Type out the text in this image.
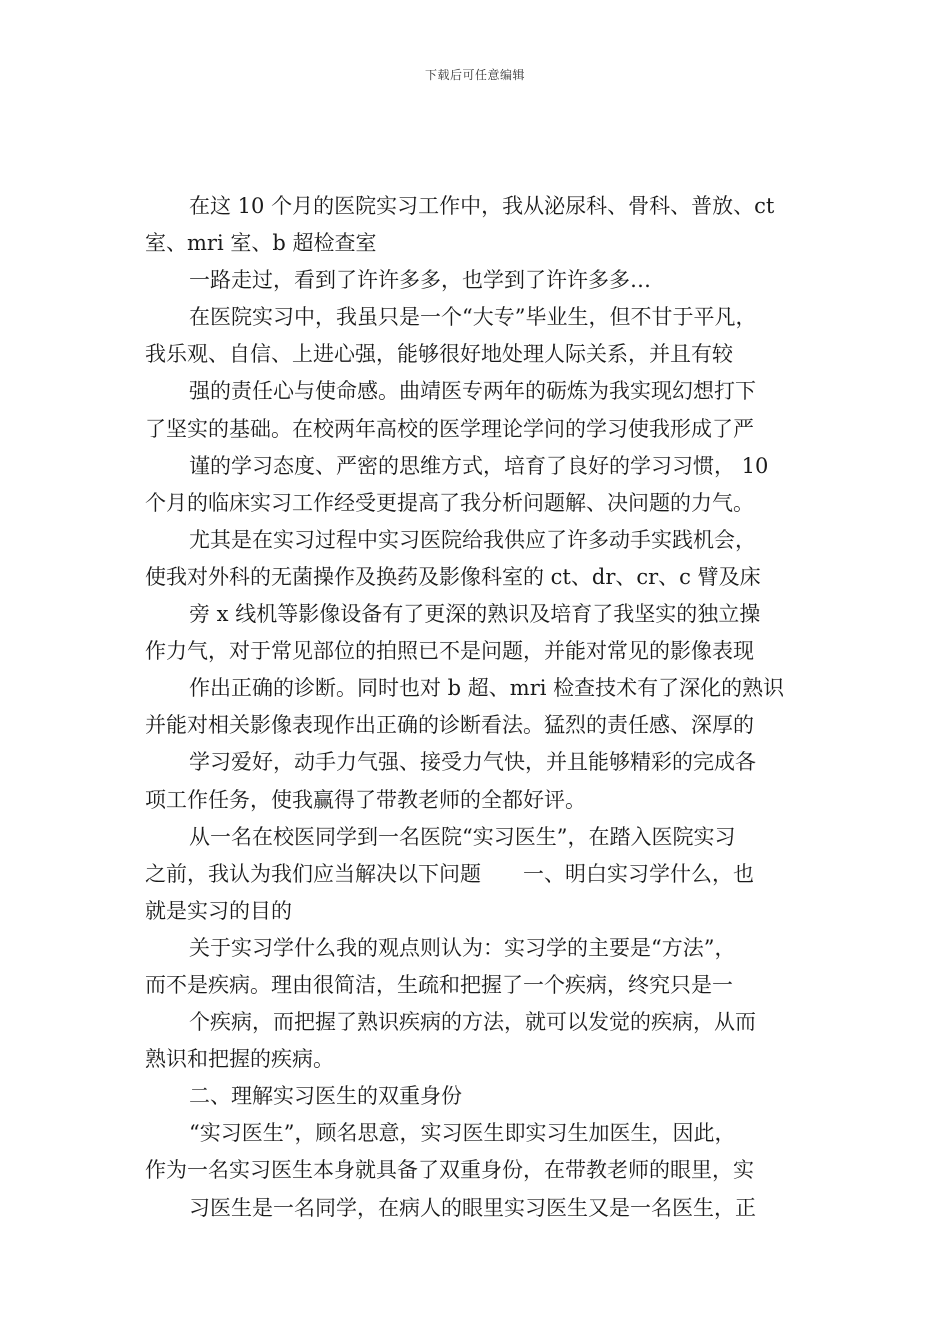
下载后可任意编辑
在这 10 个月的医院实习工作中，我从泌尿科、骨科、普放、ct
室、mri 室、b 超检查室
一路走过，看到了许许多多，也学到了许许多多…
在医院实习中，我虽只是一个“大专”毕业生，但不甘于平凡，
我乐观、自信、上进心强，能够很好地处理人际关系，并且有较
强的责任心与使命感。曲靖医专两年的砺炼为我实现幻想打下
了坚实的基础。在校两年高校的医学理论学问的学习使我形成了严
谨的学习态度、严密的思维方式，培育了良好的学习习惯， 10
个月的临床实习工作经受更提高了我分析问题解、决问题的力气。
尤其是在实习过程中实习医院给我供应了许多动手实践机会，
使我对外科的无菌操作及换药及影像科室的 ct、dr、cr、c 臂及床
旁 x 线机等影像设备有了更深的熟识及培育了我坚实的独立操
作力气，对于常见部位的拍照已不是问题，并能对常见的影像表现
作出正确的诊断。同时也对 b 超、mri 检查技术有了深化的熟识
并能对相关影像表现作出正确的诊断看法。猛烈的责任感、深厚的
学习爱好，动手力气强、接受力气快，并且能够精彩的完成各
项工作任务，使我赢得了带教老师的全都好评。
从一名在校医同学到一名医院“实习医生”，在踏入医院实习
之前，我认为我们应当解决以下问题　　一、明白实习学什么，也
就是实习的目的
关于实习学什么我的观点则认为：实习学的主要是“方法”，
而不是疾病。理由很简洁，生疏和把握了一个疾病，终究只是一
个疾病，而把握了熟识疾病的方法，就可以发觉的疾病，从而
熟识和把握的疾病。
二、理解实习医生的双重身份
“实习医生”，顾名思意，实习医生即实习生加医生，因此，
作为一名实习医生本身就具备了双重身份，在带教老师的眼里，实
习医生是一名同学，在病人的眼里实习医生又是一名医生，正
